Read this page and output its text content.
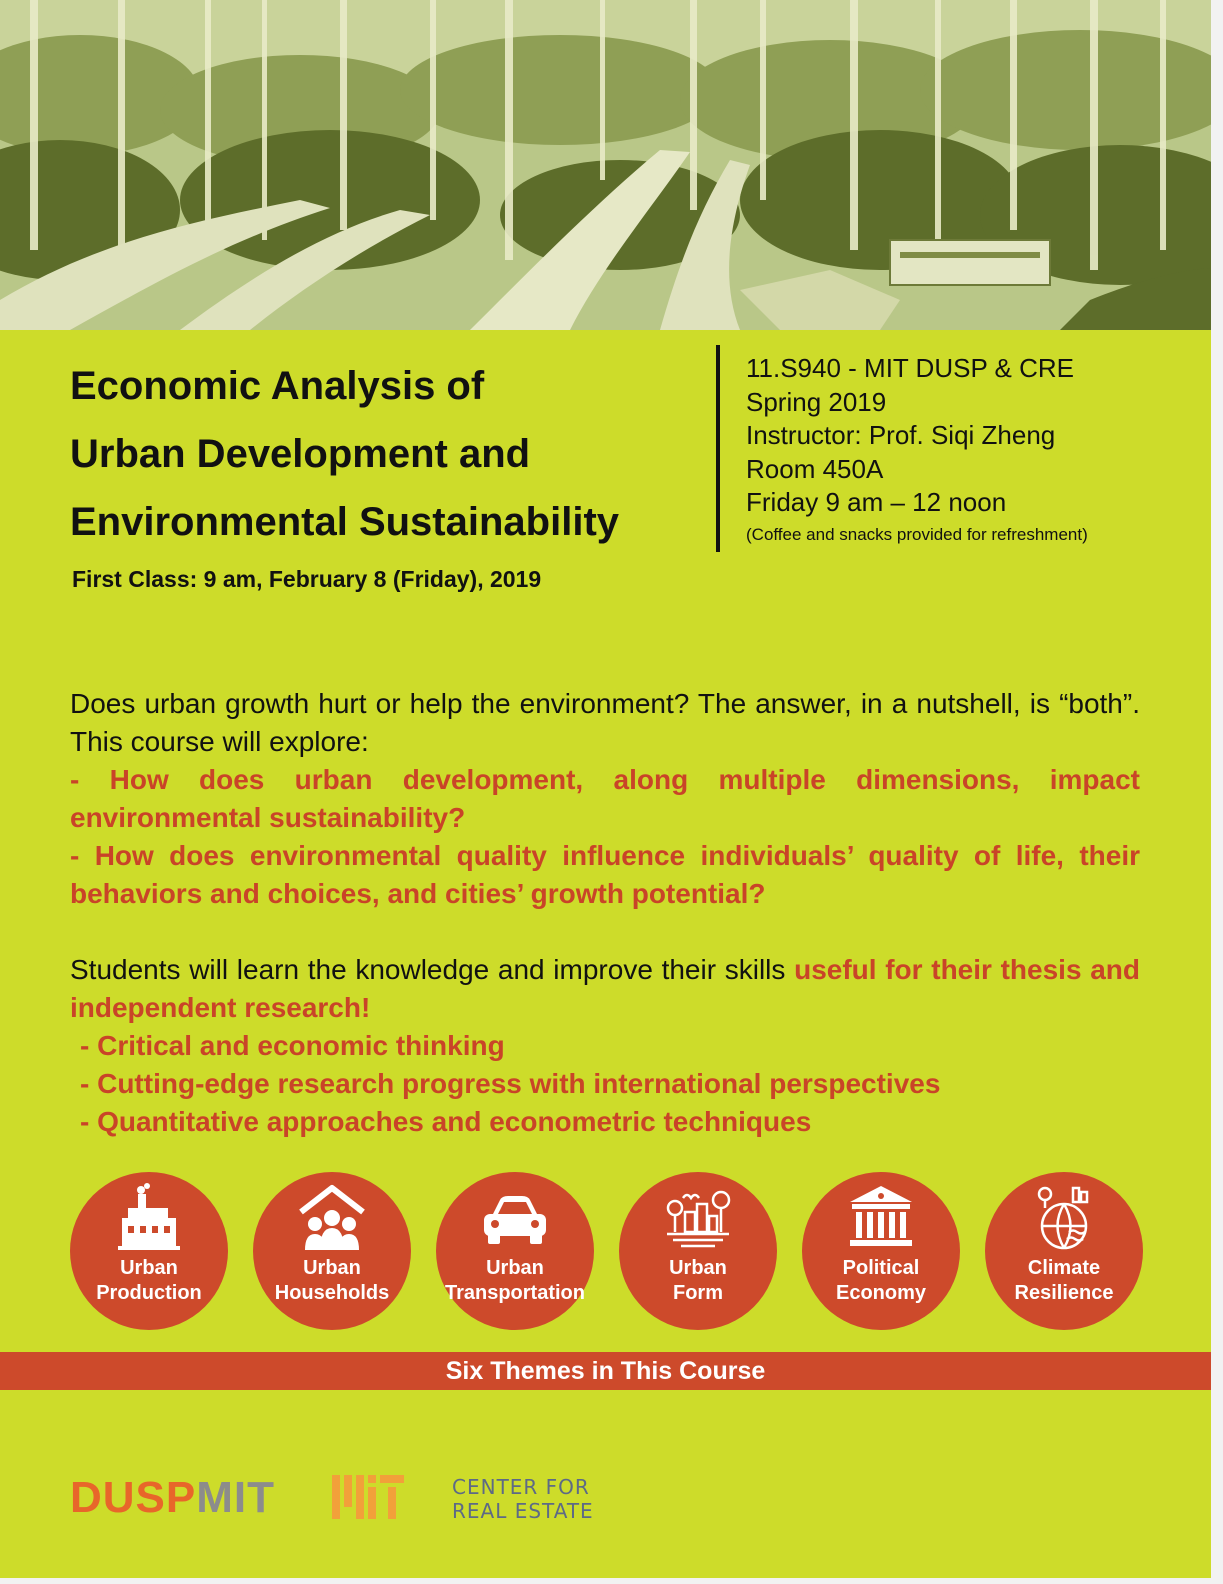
Economic Analysis of
Urban Development and
Environmental Sustainability
11.S940 - MIT DUSP & CRE
Spring 2019
Instructor: Prof. Siqi Zheng
Room 450A
Friday 9 am – 12 noon
(Coffee and snacks provided for refreshment)
First Class: 9 am, February 8 (Friday), 2019

Does urban growth hurt or help the environment? The answer, in a nutshell, is “both”. This course will explore:

- How does urban development, along multiple dimensions, impact environmental sustainability?

- How does environmental quality influence individuals’ quality of life, their behaviors and choices, and cities’ growth potential?

Students will learn the knowledge and improve their skills useful for their thesis and independent research!

- Critical and economic thinking

- Cutting-edge research progress with international perspectives

- Quantitative approaches and econometric techniques

Urban
Production
Urban
Households
Urban
Transportation
Urban
Form
Political
Economy
Climate
Resilience
Six Themes in This Course
DUSPMIT	CENTER FOR
REAL ESTATE
